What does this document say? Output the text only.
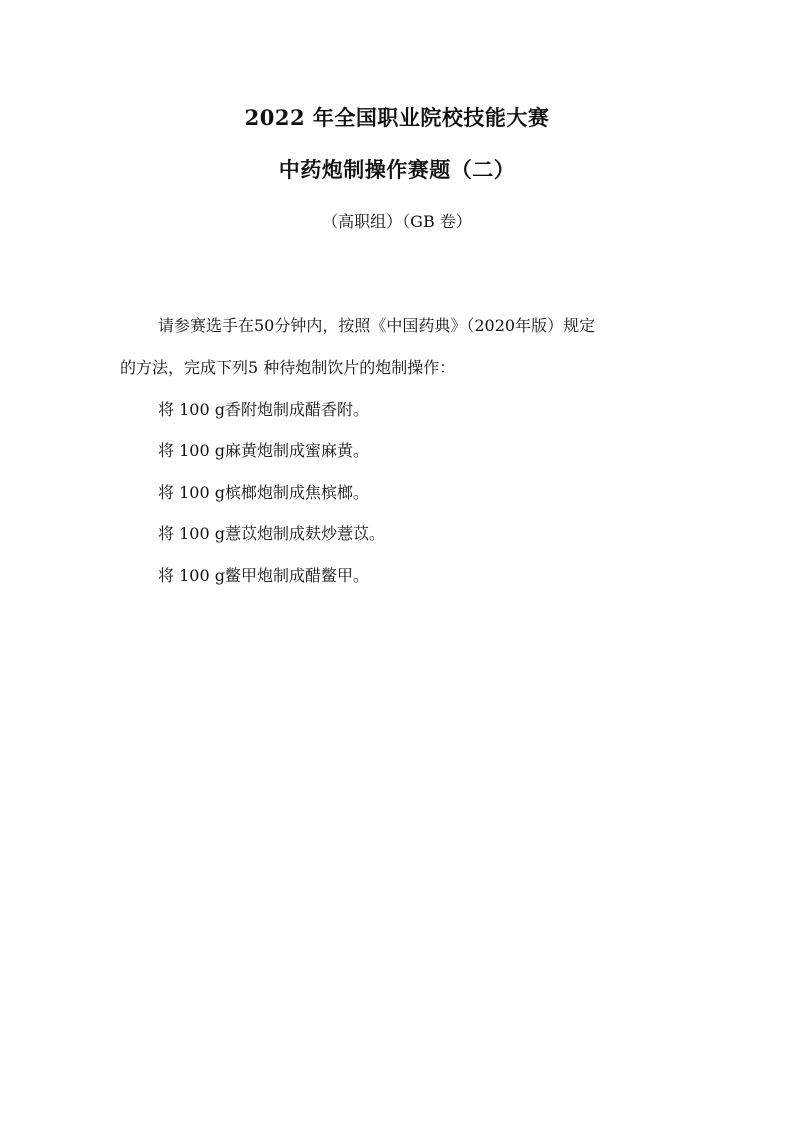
2022 年全国职业院校技能大赛
中药炮制操作赛题（二）
（高职组）（GB 卷）
请参赛选手在50分钟内，按照《中国药典》（2020年版）规定
的方法，完成下列5 种待炮制饮片的炮制操作：
将 100 g香附炮制成醋香附。
将 100 g麻黄炮制成蜜麻黄。
将 100 g槟榔炮制成焦槟榔。
将 100 g薏苡炮制成麸炒薏苡。
将 100 g鳖甲炮制成醋鳖甲。
